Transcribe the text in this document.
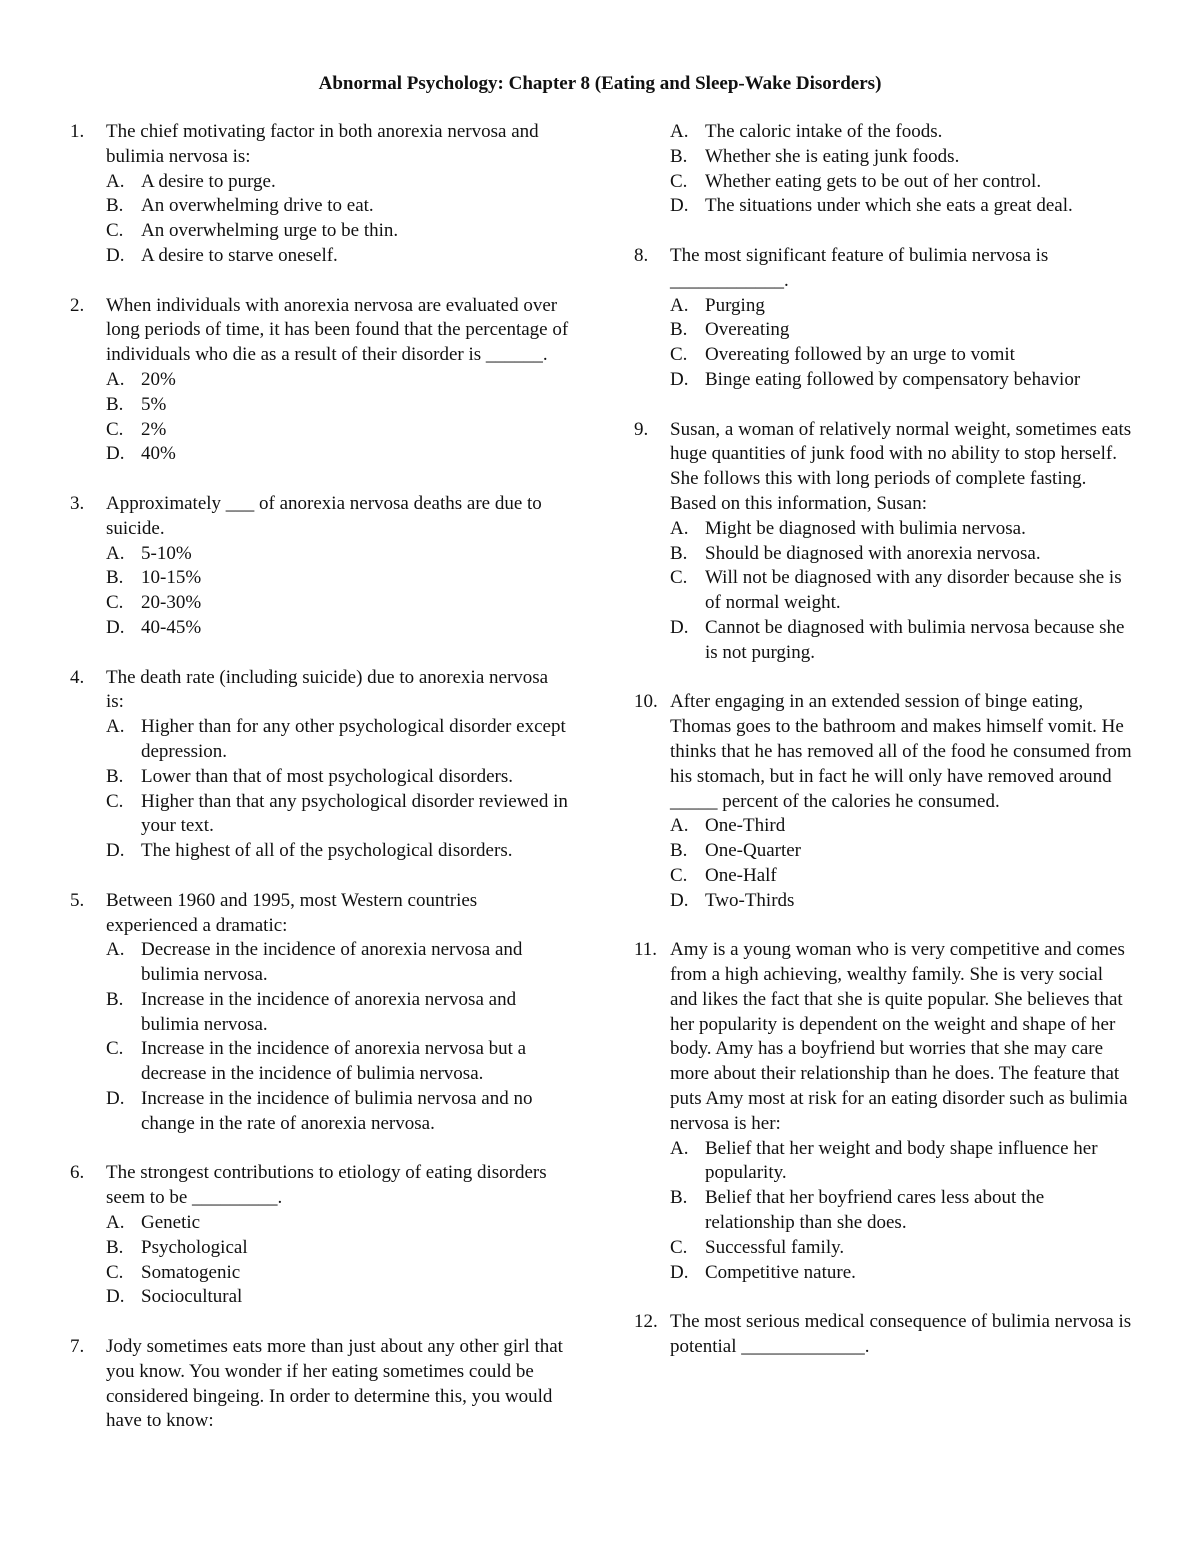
Abnormal Psychology: Chapter 8 (Eating and Sleep-Wake Disorders)
1.	The chief motivating factor in both anorexia nervosa and bulimia nervosa is:
A. A desire to purge.
B. An overwhelming drive to eat.
C. An overwhelming urge to be thin.
D. A desire to starve oneself.
2.	When individuals with anorexia nervosa are evaluated over long periods of time, it has been found that the percentage of individuals who die as a result of their disorder is ______.
A. 20%
B. 5%
C. 2%
D. 40%
3.	Approximately ___ of anorexia nervosa deaths are due to suicide.
A. 5-10%
B. 10-15%
C. 20-30%
D. 40-45%
4.	The death rate (including suicide) due to anorexia nervosa is:
A. Higher than for any other psychological disorder except depression.
B. Lower than that of most psychological disorders.
C. Higher than that any psychological disorder reviewed in your text.
D. The highest of all of the psychological disorders.
5.	Between 1960 and 1995, most Western countries experienced a dramatic:
A. Decrease in the incidence of anorexia nervosa and bulimia nervosa.
B. Increase in the incidence of anorexia nervosa and bulimia nervosa.
C. Increase in the incidence of anorexia nervosa but a decrease in the incidence of bulimia nervosa.
D. Increase in the incidence of bulimia nervosa and no change in the rate of anorexia nervosa.
6.	The strongest contributions to etiology of eating disorders seem to be _________.
A. Genetic
B. Psychological
C. Somatogenic
D. Sociocultural
7.	Jody sometimes eats more than just about any other girl that you know. You wonder if her eating sometimes could be considered bingeing. In order to determine this, you would have to know:
A. The caloric intake of the foods.
B. Whether she is eating junk foods.
C. Whether eating gets to be out of her control.
D. The situations under which she eats a great deal.
8.	The most significant feature of bulimia nervosa is ____________.
A. Purging
B. Overeating
C. Overeating followed by an urge to vomit
D. Binge eating followed by compensatory behavior
9.	Susan, a woman of relatively normal weight, sometimes eats huge quantities of junk food with no ability to stop herself. She follows this with long periods of complete fasting. Based on this information, Susan:
A. Might be diagnosed with bulimia nervosa.
B. Should be diagnosed with anorexia nervosa.
C. Will not be diagnosed with any disorder because she is of normal weight.
D. Cannot be diagnosed with bulimia nervosa because she is not purging.
10. After engaging in an extended session of binge eating, Thomas goes to the bathroom and makes himself vomit. He thinks that he has removed all of the food he consumed from his stomach, but in fact he will only have removed around _____ percent of the calories he consumed.
A. One-Third
B. One-Quarter
C. One-Half
D. Two-Thirds
11. Amy is a young woman who is very competitive and comes from a high achieving, wealthy family. She is very social and likes the fact that she is quite popular. She believes that her popularity is dependent on the weight and shape of her body. Amy has a boyfriend but worries that she may care more about their relationship than he does. The feature that puts Amy most at risk for an eating disorder such as bulimia nervosa is her:
A. Belief that her weight and body shape influence her popularity.
B. Belief that her boyfriend cares less about the relationship than she does.
C. Successful family.
D. Competitive nature.
12. The most serious medical consequence of bulimia nervosa is potential _____________.
